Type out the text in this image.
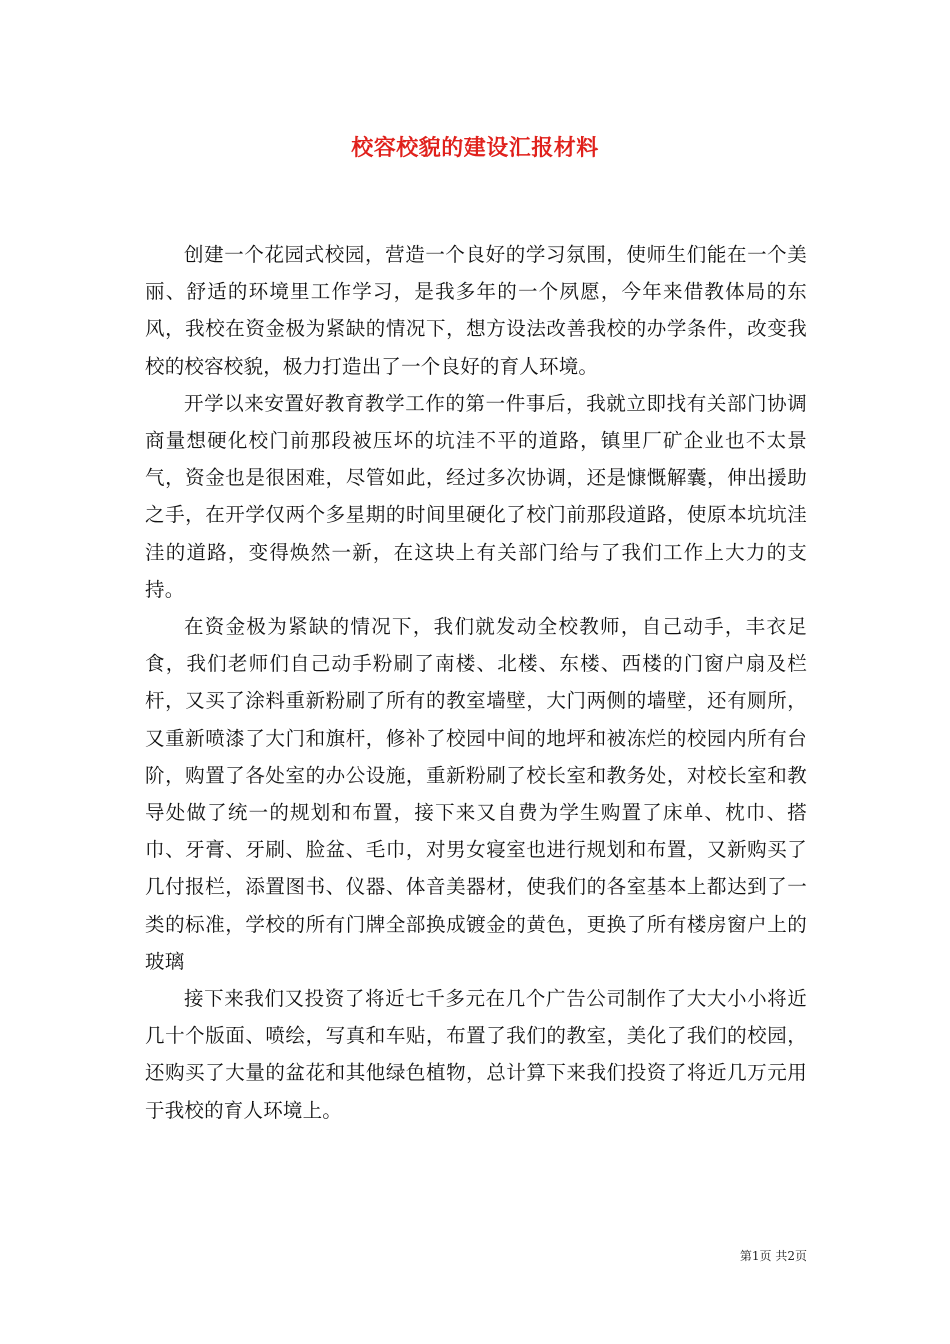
校容校貌的建设汇报材料

创建一个花园式校园，营造一个良好的学习氛围，使师生们能在一个美丽、舒适的环境里工作学习，是我多年的一个夙愿，今年来借教体局的东风，我校在资金极为紧缺的情况下，想方设法改善我校的办学条件，改变我校的校容校貌，极力打造出了一个良好的育人环境。

开学以来安置好教育教学工作的第一件事后，我就立即找有关部门协调商量想硬化校门前那段被压坏的坑洼不平的道路，镇里厂矿企业也不太景气，资金也是很困难，尽管如此，经过多次协调，还是慷慨解囊，伸出援助之手，在开学仅两个多星期的时间里硬化了校门前那段道路，使原本坑坑洼洼的道路，变得焕然一新，在这块上有关部门给与了我们工作上大力的支持。

在资金极为紧缺的情况下，我们就发动全校教师，自己动手，丰衣足食，我们老师们自己动手粉刷了南楼、北楼、东楼、西楼的门窗户扇及栏杆，又买了涂料重新粉刷了所有的教室墙壁，大门两侧的墙壁，还有厕所，又重新喷漆了大门和旗杆，修补了校园中间的地坪和被冻烂的校园内所有台阶，购置了各处室的办公设施，重新粉刷了校长室和教务处，对校长室和教导处做了统一的规划和布置，接下来又自费为学生购置了床单、枕巾、搭巾、牙膏、牙刷、脸盆、毛巾，对男女寝室也进行规划和布置，又新购买了几付报栏，添置图书、仪器、体音美器材，使我们的各室基本上都达到了一类的标准，学校的所有门牌全部换成镀金的黄色，更换了所有楼房窗户上的玻璃

接下来我们又投资了将近七千多元在几个广告公司制作了大大小小将近几十个版面、喷绘，写真和车贴，布置了我们的教室，美化了我们的校园，还购买了大量的盆花和其他绿色植物，总计算下来我们投资了将近几万元用于我校的育人环境上。

第1页 共2页
